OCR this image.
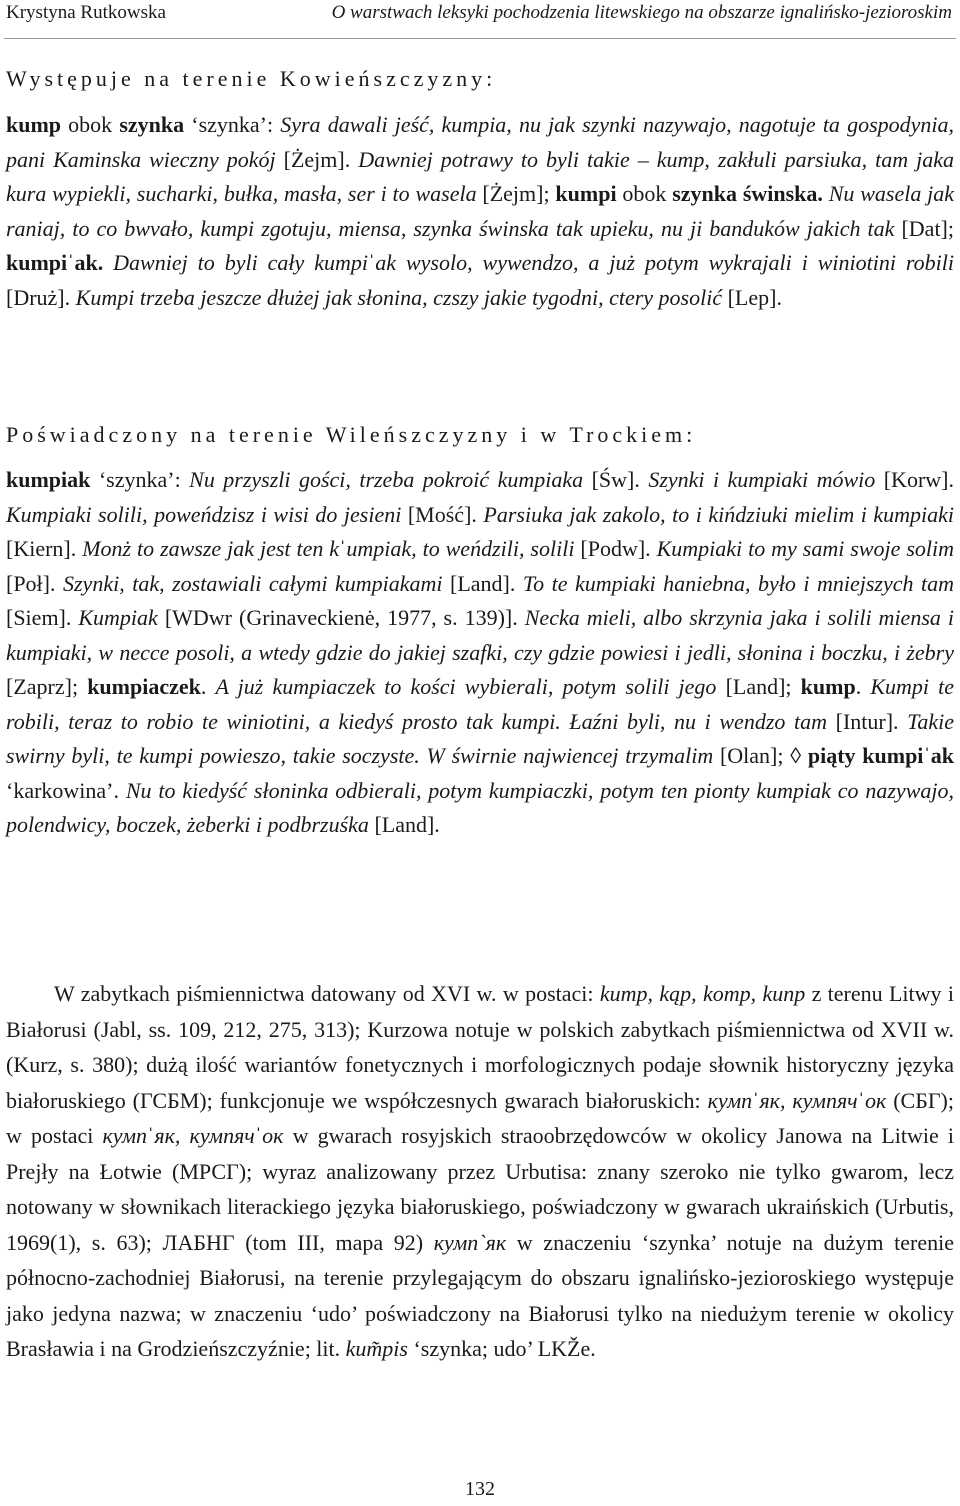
Krystyna Rutkowska	O warstwach leksyki pochodzenia litewskiego na obszarze ignalińsko-jezioroskim
Występuje na terenie Kowieńszczyzny:

kump obok szynka ‘szynka’: Syra dawali jeść, kumpia, nu jak szynki nazywajo, nagotuje ta gospodynia, pani Kaminska wieczny pokój [Żejm]. Dawniej potrawy to byli takie – kump, zakłuli parsiuka, tam jaka kura wypiekli, sucharki, bułka, masła, ser i to wasela [Żejm]; kumpi obok szynka świnska. Nu wasela jak raniaj, to co bwvało, kumpi zgotuju, miensa, szynka świnska tak upieku, nu ji banduków jakich tak [Dat]; kumpiˈak. Dawniej to byli cały kumpiˈak wysolo, wywendzo, a już potym wykrajali i winiotini robili [Druż]. Kumpi trzeba jeszcze dłużej jak słonina, czszy jakie tygodni, ctery posolić [Lep].

Poświadczony na terenie Wileńszczyzny i w Trockiem:

kumpiak ‘szynka’: Nu przyszli gości, trzeba pokroić kumpiaka [Św]. Szynki i kumpiaki mówio [Korw]. Kumpiaki solili, poweńdzisz i wisi do jesieni [Mość]. Parsiuka jak zakolo, to i kińdziuki mielim i kumpiaki [Kiern]. Monż to zawsze jak jest ten kˈumpiak, to weńdzili, solili [Podw]. Kumpiaki to my sami swoje solim [Poł]. Szynki, tak, zostawiali całymi kumpiakami [Land]. To te kumpiaki haniebna, było i mniejszych tam [Siem]. Kumpiak [WDwr (Grinaveckienė, 1977, s. 139)]. Necka mieli, albo skrzynia jaka i solili miensa i kumpiaki, w necce posoli, a wtedy gdzie do jakiej szafki, czy gdzie powiesi i jedli, słonina i boczku, i żebry [Zaprz]; kumpiaczek. A już kumpiaczek to kości wybierali, potym solili jego [Land]; kump. Kumpi te robili, teraz to robio te winiotini, a kiedyś prosto tak kumpi. Łaźni byli, nu i wendzo tam [Intur]. Takie swirny byli, te kumpi powieszo, takie soczyste. W świrnie najwiencej trzymalim [Olan]; ◊ piąty kumpiˈak ‘karkowina’. Nu to kiedyść słoninka odbierali, potym kumpiaczki, potym ten pionty kumpiak co nazywajo, polendwicy, boczek, żeberki i podbrzuśka [Land].

W zabytkach piśmiennictwa datowany od XVI w. w postaci: kump, kąp, komp, kunp z terenu Litwy i Białorusi (Jabl, ss. 109, 212, 275, 313); Kurzowa notuje w polskich zabytkach piśmiennictwa od XVII w. (Kurz, s. 380); dużą ilość wariantów fonetycznych i morfologicznych podaje słownik historyczny języka białoruskiego (ГСБМ); funkcjonuje we współczesnych gwarach białoruskich: кумпˈяк, кумпячˈок (СБГ); w postaci кумпˈяк, кумпячˈок w gwarach rosyjskich straoobrzędowców w okolicy Janowa na Litwie i Prejły na Łotwie (МРСГ); wyraz analizowany przez Urbutisa: znany szeroko nie tylko gwarom, lecz notowany w słownikach literackiego języka białoruskiego, poświadczony w gwarach ukraińskich (Urbutis, 1969(1), s. 63); ЛАБНГ (tom III, mapa 92) кумп`як w znaczeniu ‘szynka’ notuje na dużym terenie północno-zachodniej Białorusi, na terenie przylegającym do obszaru ignalińsko-jezioroskiego występuje jako jedyna nazwa; w znaczeniu ‘udo’ poświadczony na Białorusi tylko na niedużym terenie w okolicy Brasławia i na Grodzieńszczyźnie; lit. kum̃pis ‘szynka; udo’ LKŽe.

132
